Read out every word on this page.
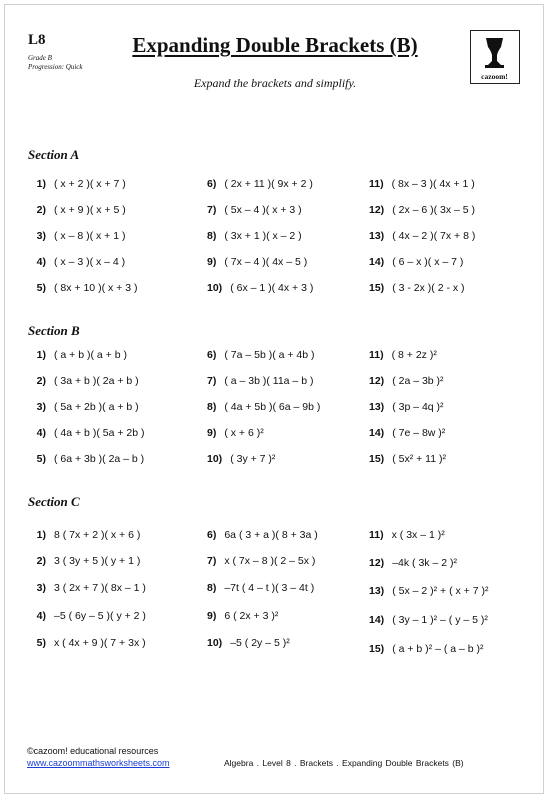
L8
Grade B
Progression: Quick
Expanding Double Brackets (B)
cazoom!
Expand the brackets and simplify.
Section A
1) ( x + 2 )( x + 7 )
2) ( x + 9 )( x + 5 )
3) ( x – 8 )( x + 1 )
4) ( x – 3 )( x – 4 )
5) ( 8x + 10 )( x + 3 )
6) ( 2x + 11 )( 9x + 2 )
7) ( 5x – 4 )( x + 3 )
8) ( 3x + 1 )( x – 2 )
9) ( 7x – 4 )( 4x – 5 )
10) ( 6x – 1 )( 4x + 3 )
11) ( 8x – 3 )( 4x + 1 )
12) ( 2x – 6 )( 3x – 5 )
13) ( 4x – 2 )( 7x + 8 )
14) ( 6 – x )( x – 7 )
15) ( 3 - 2x )( 2 - x )
Section B
1) ( a + b )( a + b )
2) ( 3a + b )( 2a + b )
3) ( 5a + 2b )( a + b )
4) ( 4a + b )( 5a + 2b )
5) ( 6a + 3b )( 2a – b )
6) ( 7a – 5b )( a + 4b )
7) ( a – 3b )( 11a – b )
8) ( 4a + 5b )( 6a – 9b )
9) ( x + 6 )²
10) ( 3y + 7 )²
11) ( 8 + 2z )²
12) ( 2a – 3b )²
13) ( 3p – 4q )²
14) ( 7e – 8w )²
15) ( 5x² + 11 )²
Section C
1) 8 ( 7x + 2 )( x + 6 )
2) 3 ( 3y + 5 )( y + 1 )
3) 3 ( 2x + 7 )( 8x – 1 )
4) –5 ( 6y – 5 )( y + 2 )
5) x ( 4x + 9 )( 7 + 3x )
6) 6a ( 3 + a )( 8 + 3a )
7) x ( 7x – 8 )( 2 – 5x )
8) –7t ( 4 – t )( 3 – 4t )
9) 6 ( 2x + 3 )²
10) –5 ( 2y – 5 )²
11) x ( 3x – 1 )²
12) –4k ( 3k – 2 )²
13) ( 5x – 2 )² + ( x + 7 )²
14) ( 3y – 1 )² – ( y – 5 )²
15) ( a + b )² – ( a – b )²
©cazoom! educational resources
www.cazoommathsworksheets.com	Algebra . Level 8 . Brackets . Expanding Double Brackets (B)
